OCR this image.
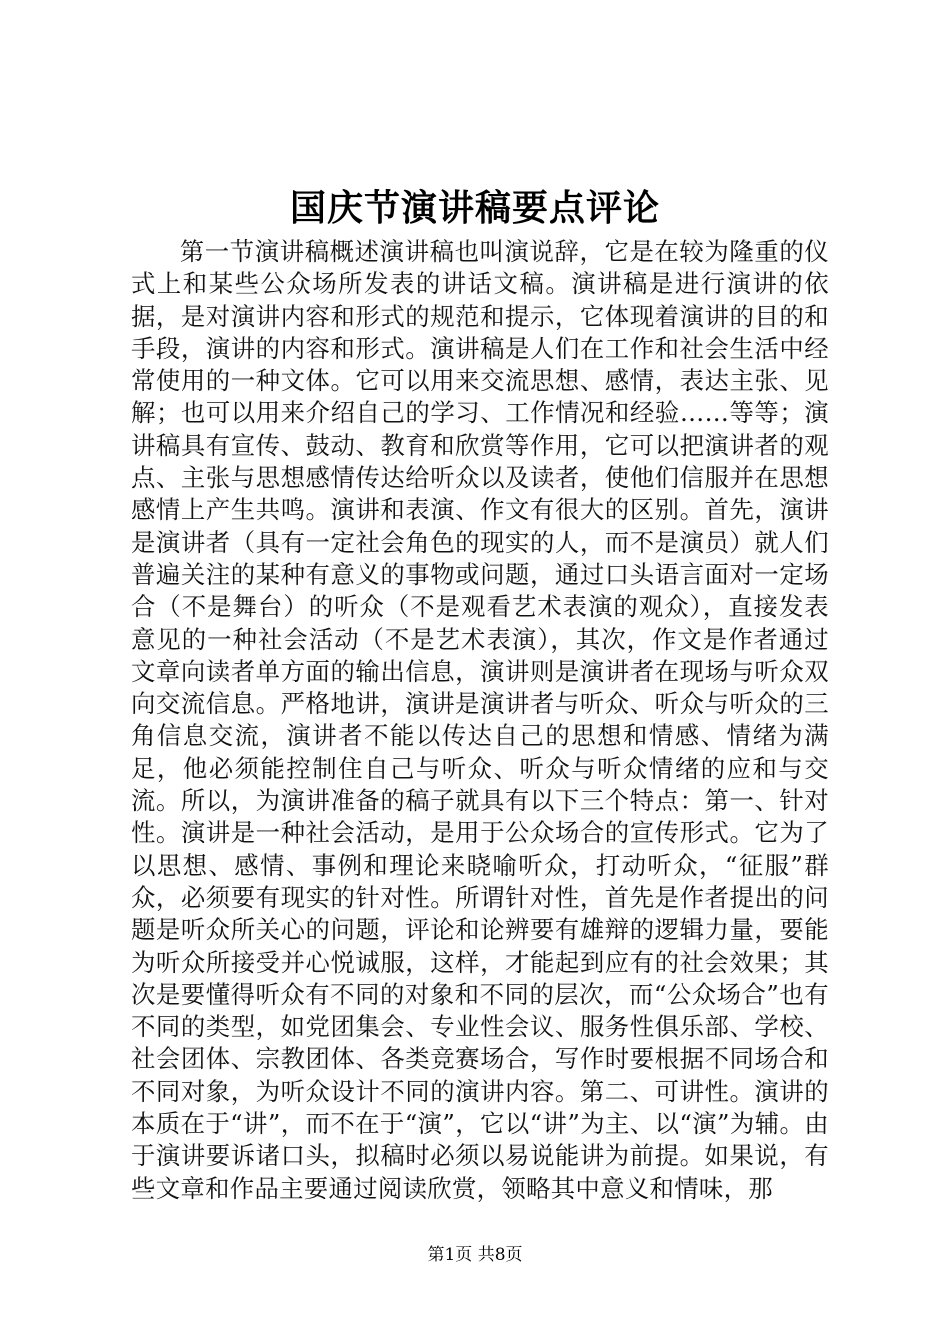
国庆节演讲稿要点评论

第一节演讲稿概述演讲稿也叫演说辞，它是在较为隆重的仪式上和某些公众场所发表的讲话文稿。演讲稿是进行演讲的依据，是对演讲内容和形式的规范和提示，它体现着演讲的目的和手段，演讲的内容和形式。演讲稿是人们在工作和社会生活中经常使用的一种文体。它可以用来交流思想、感情，表达主张、见解；也可以用来介绍自己的学习、工作情况和经验……等等；演讲稿具有宣传、鼓动、教育和欣赏等作用，它可以把演讲者的观点、主张与思想感情传达给听众以及读者，使他们信服并在思想感情上产生共鸣。演讲和表演、作文有很大的区别。首先，演讲是演讲者（具有一定社会角色的现实的人，而不是演员）就人们普遍关注的某种有意义的事物或问题，通过口头语言面对一定场合（不是舞台）的听众（不是观看艺术表演的观众），直接发表意见的一种社会活动（不是艺术表演），其次，作文是作者通过文章向读者单方面的输出信息，演讲则是演讲者在现场与听众双向交流信息。严格地讲，演讲是演讲者与听众、听众与听众的三角信息交流，演讲者不能以传达自己的思想和情感、情绪为满足，他必须能控制住自己与听众、听众与听众情绪的应和与交流。所以，为演讲准备的稿子就具有以下三个特点：第一、针对性。演讲是一种社会活动，是用于公众场合的宣传形式。它为了以思想、感情、事例和理论来晓喻听众，打动听众，“征服”群众，必须要有现实的针对性。所谓针对性，首先是作者提出的问题是听众所关心的问题，评论和论辨要有雄辩的逻辑力量，要能为听众所接受并心悦诚服，这样，才能起到应有的社会效果；其次是要懂得听众有不同的对象和不同的层次，而“公众场合”也有不同的类型，如党团集会、专业性会议、服务性俱乐部、学校、社会团体、宗教团体、各类竞赛场合，写作时要根据不同场合和不同对象，为听众设计不同的演讲内容。第二、可讲性。演讲的本质在于“讲”，而不在于“演”，它以“讲”为主、以“演”为辅。由于演讲要诉诸口头，拟稿时必须以易说能讲为前提。如果说，有些文章和作品主要通过阅读欣赏，领略其中意义和情味，那

第1页 共8页
